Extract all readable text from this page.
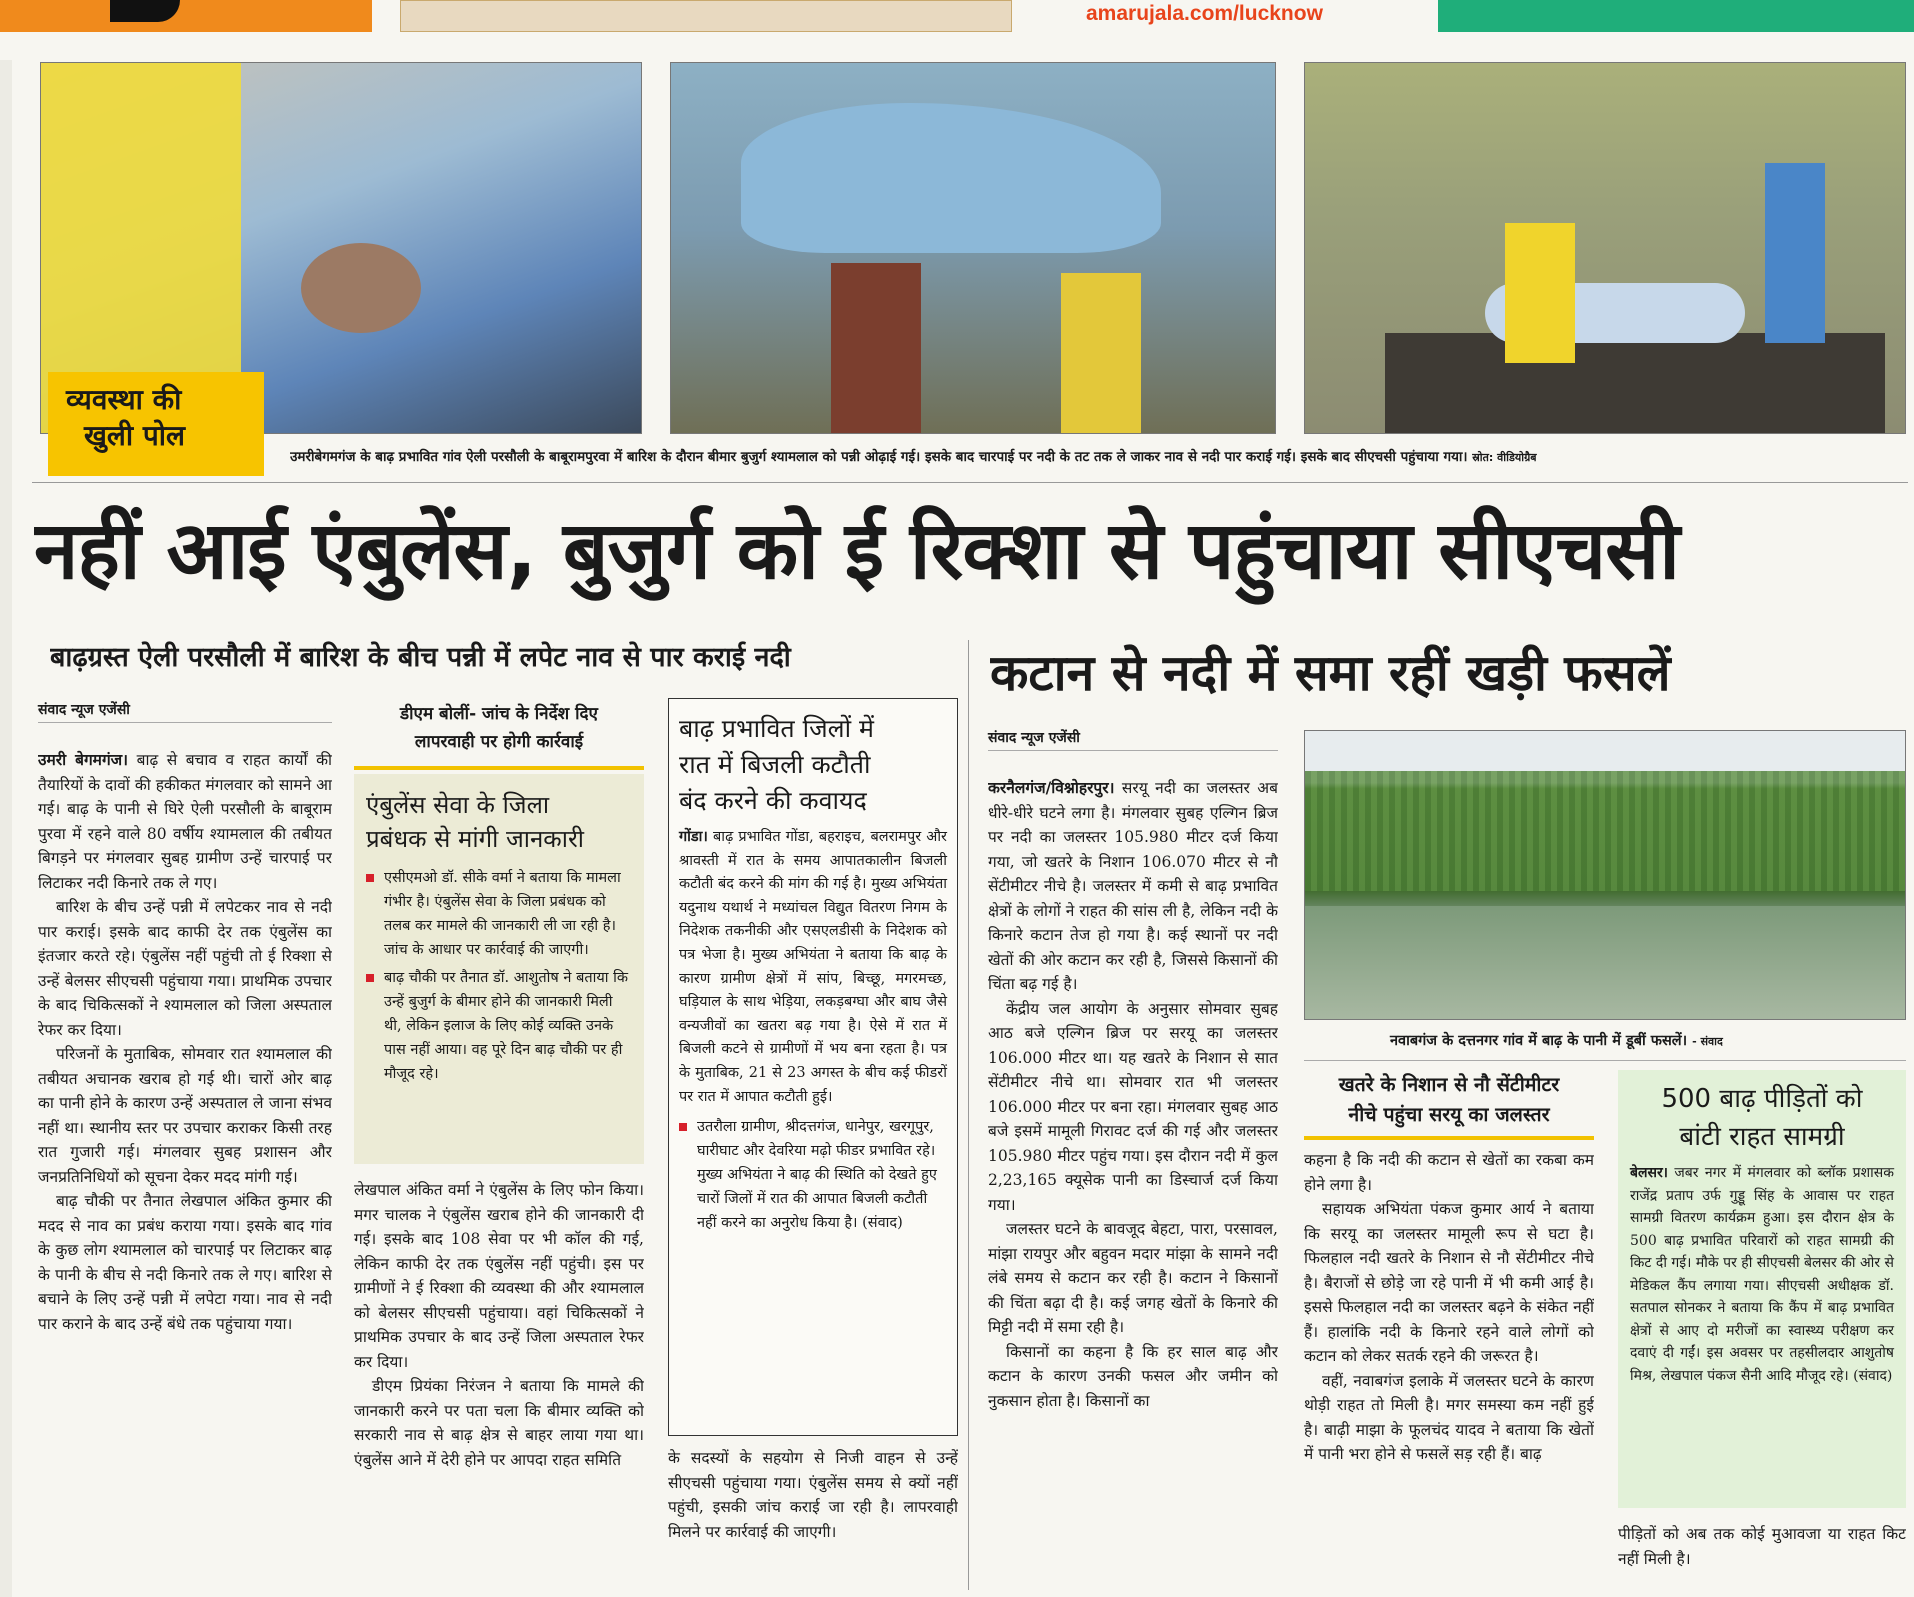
amarujala.com/lucknow
व्यवस्था की
खुली पोल
उमरीबेगमगंज के बाढ़ प्रभावित गांव ऐली परसौली के बाबूरामपुरवा में बारिश के दौरान बीमार बुजुर्ग श्यामलाल को पन्नी ओढ़ाई गई। इसके बाद चारपाई पर नदी के तट तक ले जाकर नाव से नदी पार कराई गई। इसके बाद सीएचसी पहुंचाया गया। स्रोत: वीडियोग्रैब
नहीं आई एंबुलेंस, बुजुर्ग को ई रिक्शा से पहुंचाया सीएचसी
बाढ़ग्रस्त ऐली परसौली में बारिश के बीच पन्नी में लपेट नाव से पार कराई नदी	कटान से नदी में समा रहीं खड़ी फसलें
संवाद न्यूज एजेंसी

उमरी बेगमगंज। बाढ़ से बचाव व राहत कार्यों की तैयारियों के दावों की हकीकत मंगलवार को सामने आ गई। बाढ़ के पानी से घिरे ऐली परसौली के बाबूराम पुरवा में रहने वाले 80 वर्षीय श्यामलाल की तबीयत बिगड़ने पर मंगलवार सुबह ग्रामीण उन्हें चारपाई पर लिटाकर नदी किनारे तक ले गए।

बारिश के बीच उन्हें पन्नी में लपेटकर नाव से नदी पार कराई। इसके बाद काफी देर तक एंबुलेंस का इंतजार करते रहे। एंबुलेंस नहीं पहुंची तो ई रिक्शा से उन्हें बेलसर सीएचसी पहुंचाया गया। प्राथमिक उपचार के बाद चिकित्सकों ने श्यामलाल को जिला अस्पताल रेफर कर दिया।

परिजनों के मुताबिक, सोमवार रात श्यामलाल की तबीयत अचानक खराब हो गई थी। चारों ओर बाढ़ का पानी होने के कारण उन्हें अस्पताल ले जाना संभव नहीं था। स्थानीय स्तर पर उपचार कराकर किसी तरह रात गुजारी गई। मंगलवार सुबह प्रशासन और जनप्रतिनिधियों को सूचना देकर मदद मांगी गई।

बाढ़ चौकी पर तैनात लेखपाल अंकित कुमार की मदद से नाव का प्रबंध कराया गया। इसके बाद गांव के कुछ लोग श्यामलाल को चारपाई पर लिटाकर बाढ़ के पानी के बीच से नदी किनारे तक ले गए। बारिश से बचाने के लिए उन्हें पन्नी में लपेटा गया। नाव से नदी पार कराने के बाद उन्हें बंधे तक पहुंचाया गया।

डीएम बोलीं- जांच के निर्देश दिए
लापरवाही पर होगी कार्रवाई
एंबुलेंस सेवा के जिला
प्रबंधक से मांगी जानकारी
एसीएमओ डॉ. सीके वर्मा ने बताया कि मामला गंभीर है। एंबुलेंस सेवा के जिला प्रबंधक को तलब कर मामले की जानकारी ली जा रही है। जांच के आधार पर कार्रवाई की जाएगी।
बाढ़ चौकी पर तैनात डॉ. आशुतोष ने बताया कि उन्हें बुजुर्ग के बीमार होने की जानकारी मिली थी, लेकिन इलाज के लिए कोई व्यक्ति उनके पास नहीं आया। वह पूरे दिन बाढ़ चौकी पर ही मौजूद रहे।

लेखपाल अंकित वर्मा ने एंबुलेंस के लिए फोन किया। मगर चालक ने एंबुलेंस खराब होने की जानकारी दी गई। इसके बाद 108 सेवा पर भी कॉल की गई, लेकिन काफी देर तक एंबुलेंस नहीं पहुंची। इस पर ग्रामीणों ने ई रिक्शा की व्यवस्था की और श्यामलाल को बेलसर सीएचसी पहुंचाया। वहां चिकित्सकों ने प्राथमिक उपचार के बाद उन्हें जिला अस्पताल रेफर कर दिया।

डीएम प्रियंका निरंजन ने बताया कि मामले की जानकारी करने पर पता चला कि बीमार व्यक्ति को सरकारी नाव से बाढ़ क्षेत्र से बाहर लाया गया था। एंबुलेंस आने में देरी होने पर आपदा राहत समिति

बाढ़ प्रभावित जिलों में
रात में बिजली कटौती
बंद करने की कवायद
गोंडा। बाढ़ प्रभावित गोंडा, बहराइच, बलरामपुर और श्रावस्ती में रात के समय आपातकालीन बिजली कटौती बंद करने की मांग की गई है। मुख्य अभियंता यदुनाथ यथार्थ ने मध्यांचल विद्युत वितरण निगम के निदेशक तकनीकी और एसएलडीसी के निदेशक को पत्र भेजा है। मुख्य अभियंता ने बताया कि बाढ़ के कारण ग्रामीण क्षेत्रों में सांप, बिच्छू, मगरमच्छ, घड़ियाल के साथ भेड़िया, लकड़बग्घा और बाघ जैसे वन्यजीवों का खतरा बढ़ गया है। ऐसे में रात में बिजली कटने से ग्रामीणों में भय बना रहता है। पत्र के मुताबिक, 21 से 23 अगस्त के बीच कई फीडरों पर रात में आपात कटौती हुई।
उतरौला ग्रामीण, श्रीदत्तगंज, धानेपुर, खरगूपुर, घारीघाट और देवरिया मढ़ो फीडर प्रभावित रहे। मुख्य अभियंता ने बाढ़ की स्थिति को देखते हुए चारों जिलों में रात की आपात बिजली कटौती नहीं करने का अनुरोध किया है। (संवाद)

के सदस्यों के सहयोग से निजी वाहन से उन्हें सीएचसी पहुंचाया गया। एंबुलेंस समय से क्यों नहीं पहुंची, इसकी जांच कराई जा रही है। लापरवाही मिलने पर कार्रवाई की जाएगी।

संवाद न्यूज एजेंसी

करनैलगंज/विश्नोहरपुर। सरयू नदी का जलस्तर अब धीरे-धीरे घटने लगा है। मंगलवार सुबह एल्गिन ब्रिज पर नदी का जलस्तर 105.980 मीटर दर्ज किया गया, जो खतरे के निशान 106.070 मीटर से नौ सेंटीमीटर नीचे है। जलस्तर में कमी से बाढ़ प्रभावित क्षेत्रों के लोगों ने राहत की सांस ली है, लेकिन नदी के किनारे कटान तेज हो गया है। कई स्थानों पर नदी खेतों की ओर कटान कर रही है, जिससे किसानों की चिंता बढ़ गई है।

केंद्रीय जल आयोग के अनुसार सोमवार सुबह आठ बजे एल्गिन ब्रिज पर सरयू का जलस्तर 106.000 मीटर था। यह खतरे के निशान से सात सेंटीमीटर नीचे था। सोमवार रात भी जलस्तर 106.000 मीटर पर बना रहा। मंगलवार सुबह आठ बजे इसमें मामूली गिरावट दर्ज की गई और जलस्तर 105.980 मीटर पहुंच गया। इस दौरान नदी में कुल 2,23,165 क्यूसेक पानी का डिस्चार्ज दर्ज किया गया।

जलस्तर घटने के बावजूद बेहटा, पारा, परसावल, मांझा रायपुर और बहुवन मदार मांझा के सामने नदी लंबे समय से कटान कर रही है। कटान ने किसानों की चिंता बढ़ा दी है। कई जगह खेतों के किनारे की मिट्टी नदी में समा रही है।

किसानों का कहना है कि हर साल बाढ़ और कटान के कारण उनकी फसल और जमीन को नुकसान होता है। किसानों का

नवाबगंज के दत्तनगर गांव में बाढ़ के पानी में डूबीं फसलें। - संवाद
खतरे के निशान से नौ सेंटीमीटर
नीचे पहुंचा सरयू का जलस्तर

कहना है कि नदी की कटान से खेतों का रकबा कम होने लगा है।

सहायक अभियंता पंकज कुमार आर्य ने बताया कि सरयू का जलस्तर मामूली रूप से घटा है। फिलहाल नदी खतरे के निशान से नौ सेंटीमीटर नीचे है। बैराजों से छोड़े जा रहे पानी में भी कमी आई है। इससे फिलहाल नदी का जलस्तर बढ़ने के संकेत नहीं हैं। हालांकि नदी के किनारे रहने वाले लोगों को कटान को लेकर सतर्क रहने की जरूरत है।

वहीं, नवाबगंज इलाके में जलस्तर घटने के कारण थोड़ी राहत तो मिली है। मगर समस्या कम नहीं हुई है। बाढ़ी माझा के फूलचंद यादव ने बताया कि खेतों में पानी भरा होने से फसलें सड़ रही हैं। बाढ़

500 बाढ़ पीड़ितों को
बांटी राहत सामग्री
बेलसर। जबर नगर में मंगलवार को ब्लॉक प्रशासक राजेंद्र प्रताप उर्फ गुड्डू सिंह के आवास पर राहत सामग्री वितरण कार्यक्रम हुआ। इस दौरान क्षेत्र के 500 बाढ़ प्रभावित परिवारों को राहत सामग्री की किट दी गई। मौके पर ही सीएचसी बेलसर की ओर से मेडिकल कैंप लगाया गया। सीएचसी अधीक्षक डॉ. सतपाल सोनकर ने बताया कि कैंप में बाढ़ प्रभावित क्षेत्रों से आए दो मरीजों का स्वास्थ्य परीक्षण कर दवाएं दी गईं। इस अवसर पर तहसीलदार आशुतोष मिश्र, लेखपाल पंकज सैनी आदि मौजूद रहे। (संवाद)

पीड़ितों को अब तक कोई मुआवजा या राहत किट नहीं मिली है।
